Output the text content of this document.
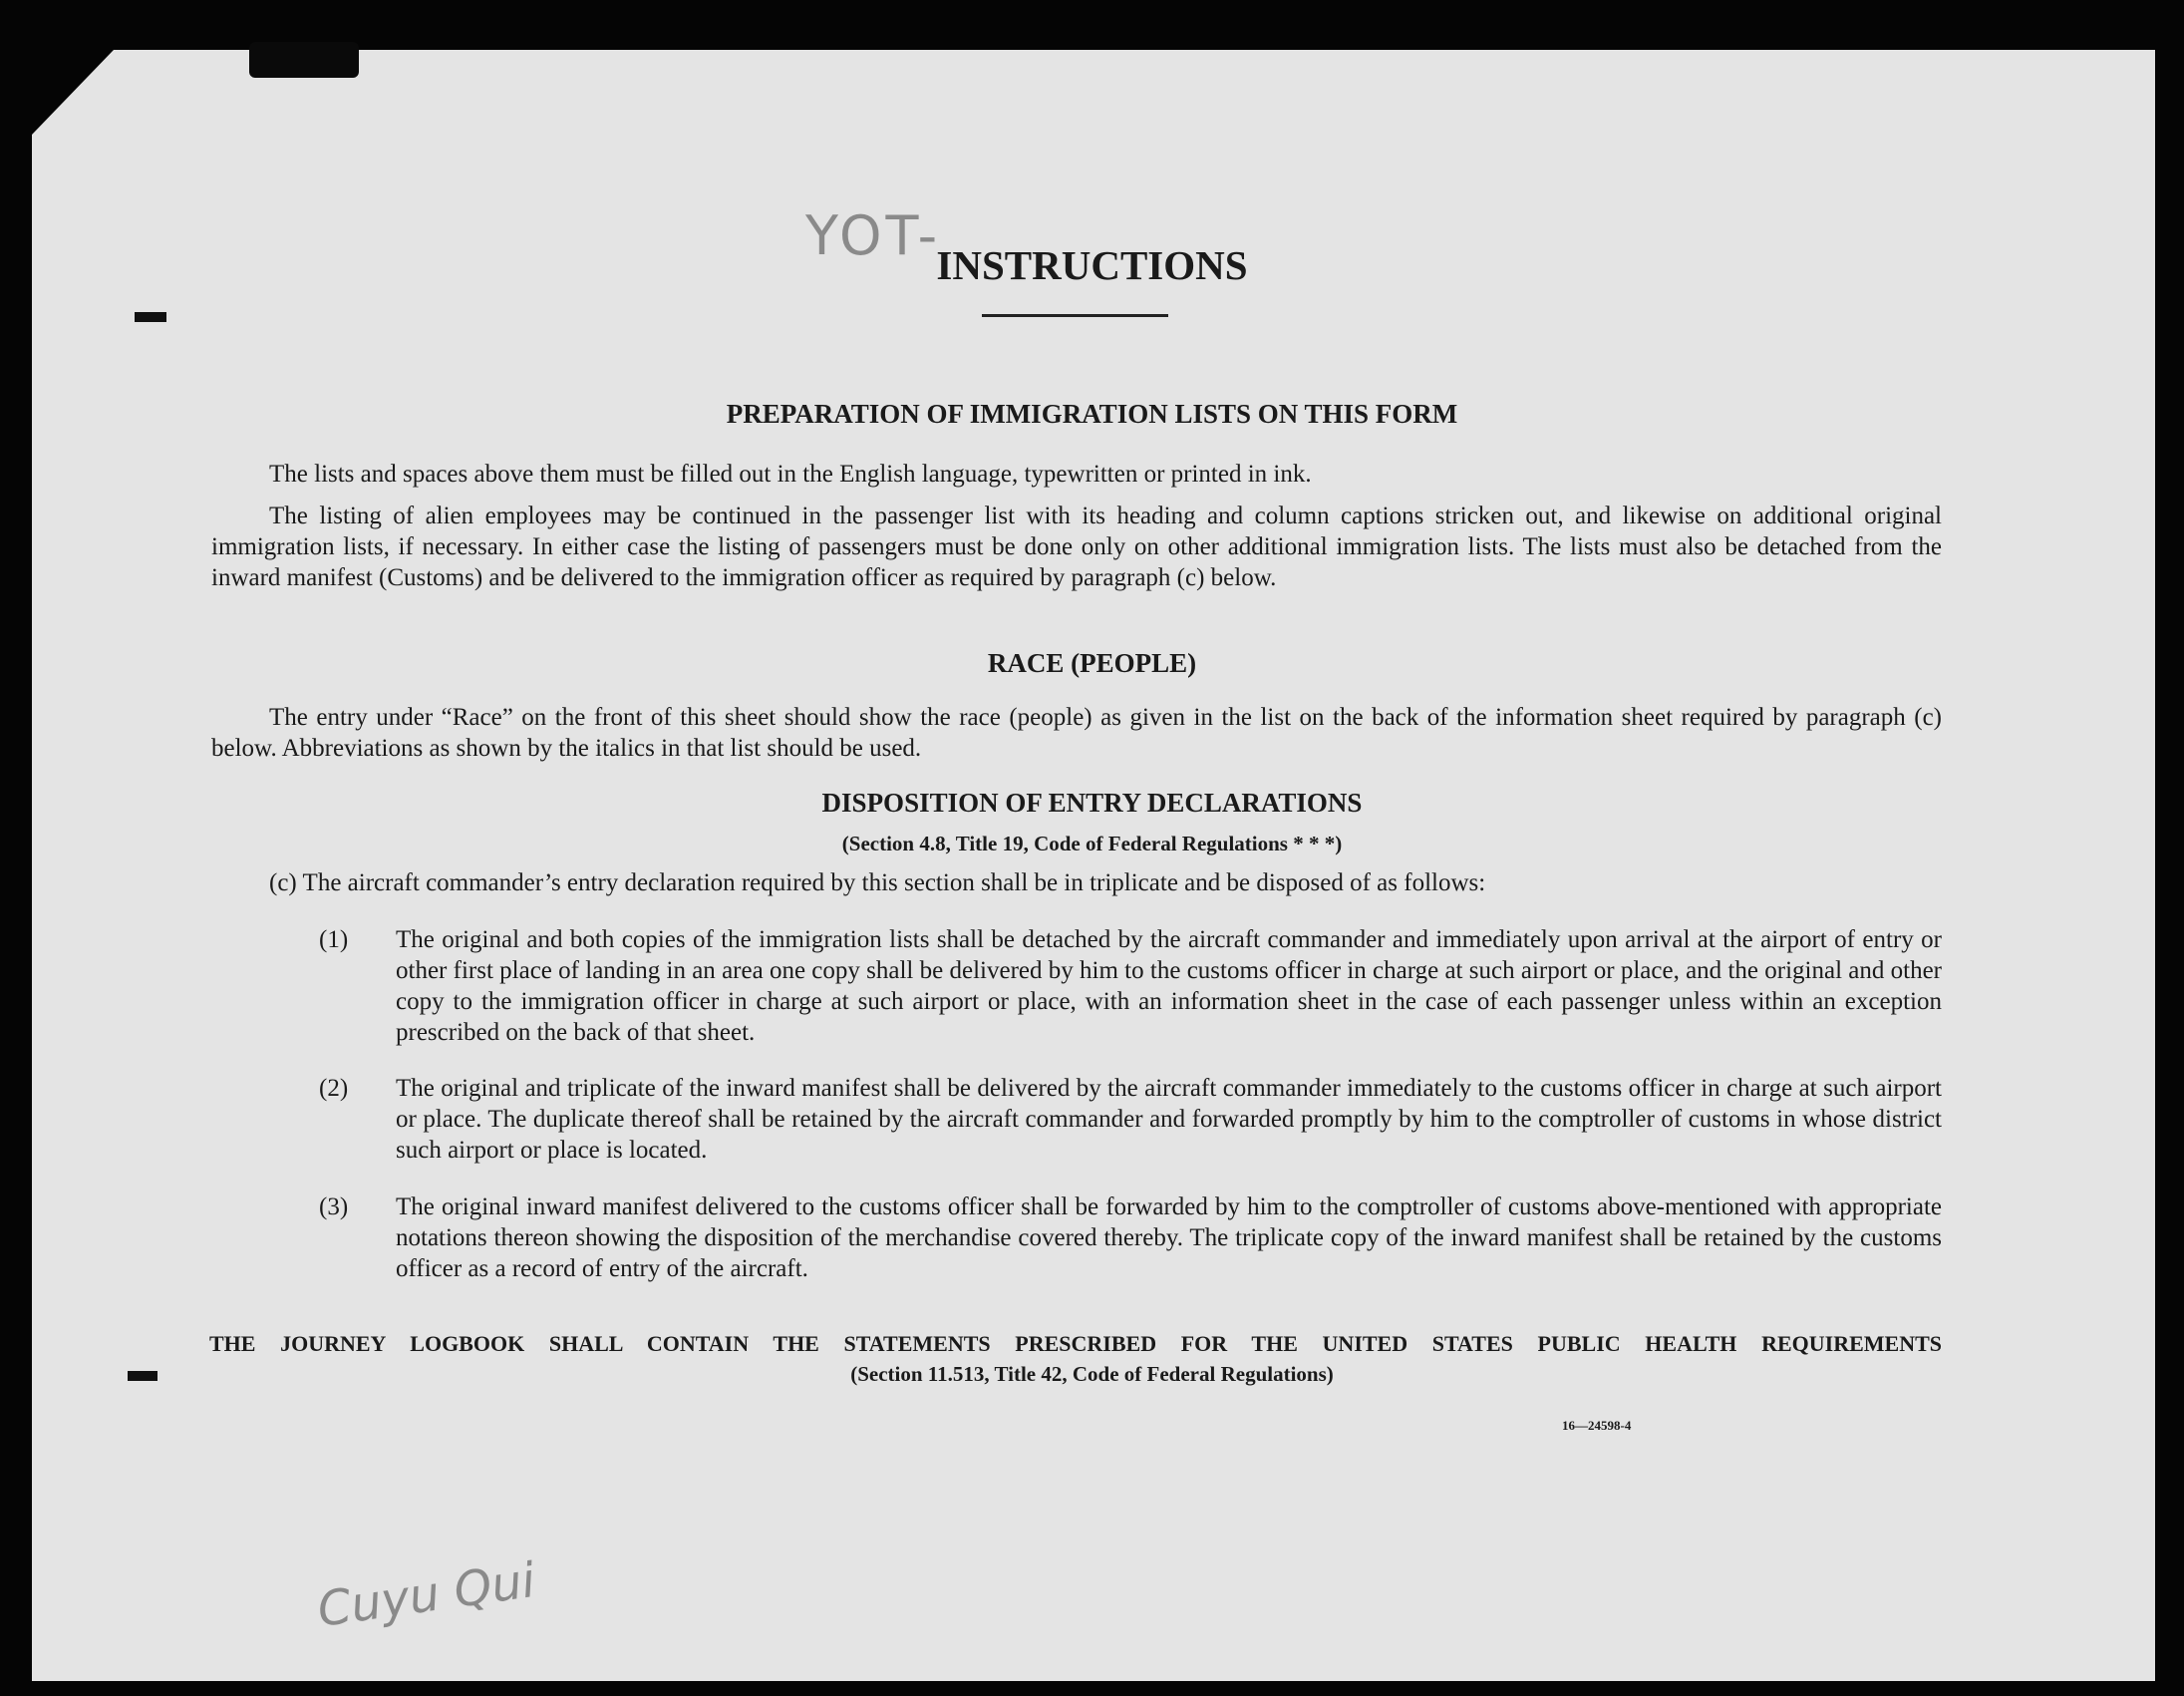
YOT-
Cuyu Qui
INSTRUCTIONS
PREPARATION OF IMMIGRATION LISTS ON THIS FORM

The lists and spaces above them must be filled out in the English language, typewritten or printed in ink.

The listing of alien employees may be continued in the passenger list with its heading and column captions stricken out, and likewise on additional original immigration lists, if necessary. In either case the listing of passengers must be done only on other additional immigration lists. The lists must also be detached from the inward manifest (Customs) and be delivered to the immigration officer as required by paragraph (c) below.

RACE (PEOPLE)

The entry under “Race” on the front of this sheet should show the race (people) as given in the list on the back of the information sheet required by paragraph (c) below. Abbreviations as shown by the italics in that list should be used.

DISPOSITION OF ENTRY DECLARATIONS
(Section 4.8, Title 19, Code of Federal Regulations * * *)

(c) The aircraft commander’s entry declaration required by this section shall be in triplicate and be disposed of as follows:

(1) The original and both copies of the immigration lists shall be detached by the aircraft commander and immediately upon arrival at the airport of entry or other first place of landing in an area one copy shall be delivered by him to the customs officer in charge at such airport or place, and the original and other copy to the immigration officer in charge at such airport or place, with an information sheet in the case of each passenger unless within an exception prescribed on the back of that sheet.
(2) The original and triplicate of the inward manifest shall be delivered by the aircraft commander immediately to the customs officer in charge at such airport or place. The duplicate thereof shall be retained by the aircraft commander and forwarded promptly by him to the comptroller of customs in whose district such airport or place is located.
(3) The original inward manifest delivered to the customs officer shall be forwarded by him to the comptroller of customs above-mentioned with appropriate notations thereon showing the disposition of the merchandise covered thereby. The triplicate copy of the inward manifest shall be retained by the customs officer as a record of entry of the aircraft.
THE JOURNEY LOGBOOK SHALL CONTAIN THE STATEMENTS PRESCRIBED FOR THE UNITED STATES PUBLIC HEALTH REQUIREMENTS
(Section 11.513, Title 42, Code of Federal Regulations)
16—24598-4
